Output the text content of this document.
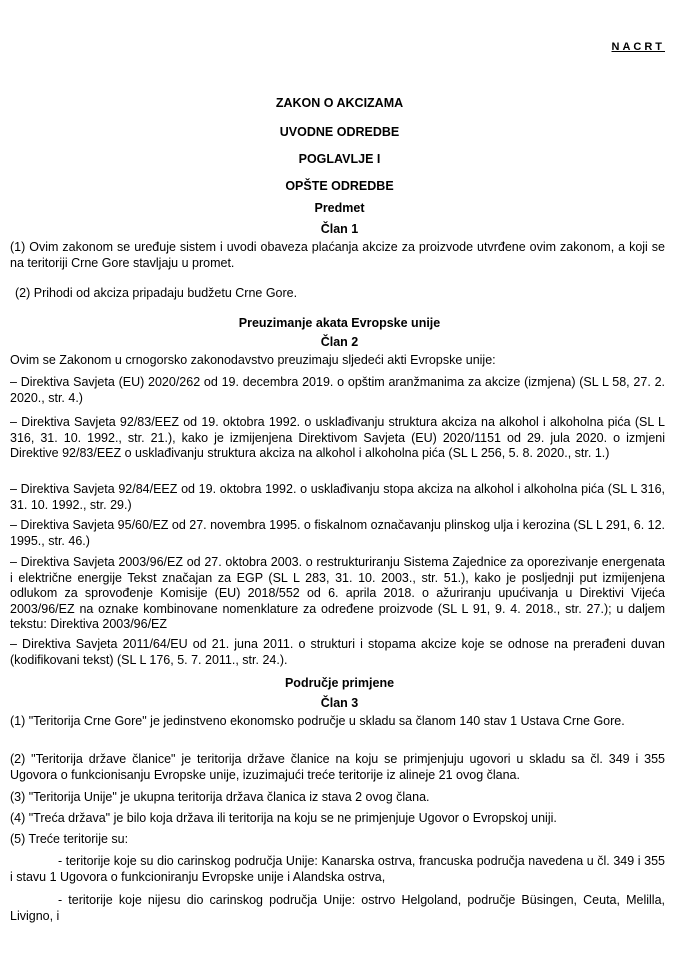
NACRT
ZAKON O AKCIZAMA
UVODNE ODREDBE
POGLAVLJE I
OPŠTE ODREDBE
Predmet
Član 1
(1) Ovim zakonom se uređuje sistem i uvodi obaveza plaćanja akcize za proizvode utvrđene ovim zakonom, a koji se na teritoriji Crne Gore stavljaju u promet.
(2) Prihodi od akciza pripadaju budžetu Crne Gore.
Preuzimanje akata Evropske unije
Član 2
Ovim se Zakonom u crnogorsko zakonodavstvo preuzimaju sljedeći akti Evropske unije:
– Direktiva Savjeta (EU) 2020/262 od 19. decembra 2019. o opštim aranžmanima za akcize (izmjena) (SL L 58, 27. 2. 2020., str. 4.)
– Direktiva Savjeta 92/83/EEZ od 19. oktobra 1992. o usklađivanju struktura akciza na alkohol i alkoholna pića (SL L 316, 31. 10. 1992., str. 21.), kako je izmijenjena Direktivom Savjeta (EU) 2020/1151 od 29. jula 2020. o izmjeni Direktive 92/83/EEZ o usklađivanju struktura akciza na alkohol i alkoholna pića (SL L 256, 5. 8. 2020., str. 1.)
– Direktiva Savjeta 92/84/EEZ od 19. oktobra 1992. o usklađivanju stopa akciza na alkohol i alkoholna pića (SL L 316, 31. 10. 1992., str. 29.)
– Direktiva Savjeta 95/60/EZ od 27. novembra 1995. o fiskalnom označavanju plinskog ulja i kerozina (SL L 291, 6. 12. 1995., str. 46.)
– Direktiva Savjeta 2003/96/EZ od 27. oktobra 2003. o restrukturiranju Sistema Zajednice za oporezivanje energenata i električne energije Tekst značajan za EGP (SL L 283, 31. 10. 2003., str. 51.), kako je posljednji put izmijenjena odlukom za sprovođenje Komisije (EU) 2018/552 od 6. aprila 2018. o ažuriranju upućivanja u Direktivi Vijeća 2003/96/EZ na oznake kombinovane nomenklature za određene proizvode (SL L 91, 9. 4. 2018., str. 27.); u daljem tekstu: Direktiva 2003/96/EZ
– Direktiva Savjeta 2011/64/EU od 21. juna 2011. o strukturi i stopama akcize koje se odnose na prerađeni duvan (kodifikovani tekst) (SL L 176, 5. 7. 2011., str. 24.).
Područje primjene
Član 3
(1) "Teritorija Crne Gore" je jedinstveno ekonomsko područje u skladu sa članom 140 stav 1 Ustava Crne Gore.
(2) "Teritorija države članice" je teritorija države članice na koju se primjenjuju ugovori u skladu sa čl. 349 i 355 Ugovora o funkcionisanju Evropske unije, izuzimajući treće teritorije iz alineje 21 ovog člana.
(3) "Teritorija Unije" je ukupna teritorija država članica iz stava 2 ovog člana.
(4) "Treća država" je bilo koja država ili teritorija na koju se ne primjenjuje Ugovor o Evropskoj uniji.
(5) Treće teritorije su:
- teritorije koje su dio carinskog područja Unije: Kanarska ostrva, francuska područja navedena u čl. 349 i 355 i stavu 1 Ugovora o funkcioniranju Evropske unije i Alandska ostrva,
- teritorije koje nijesu dio carinskog područja Unije: ostrvo Helgoland, područje Büsingen, Ceuta, Melilla, Livigno, i
